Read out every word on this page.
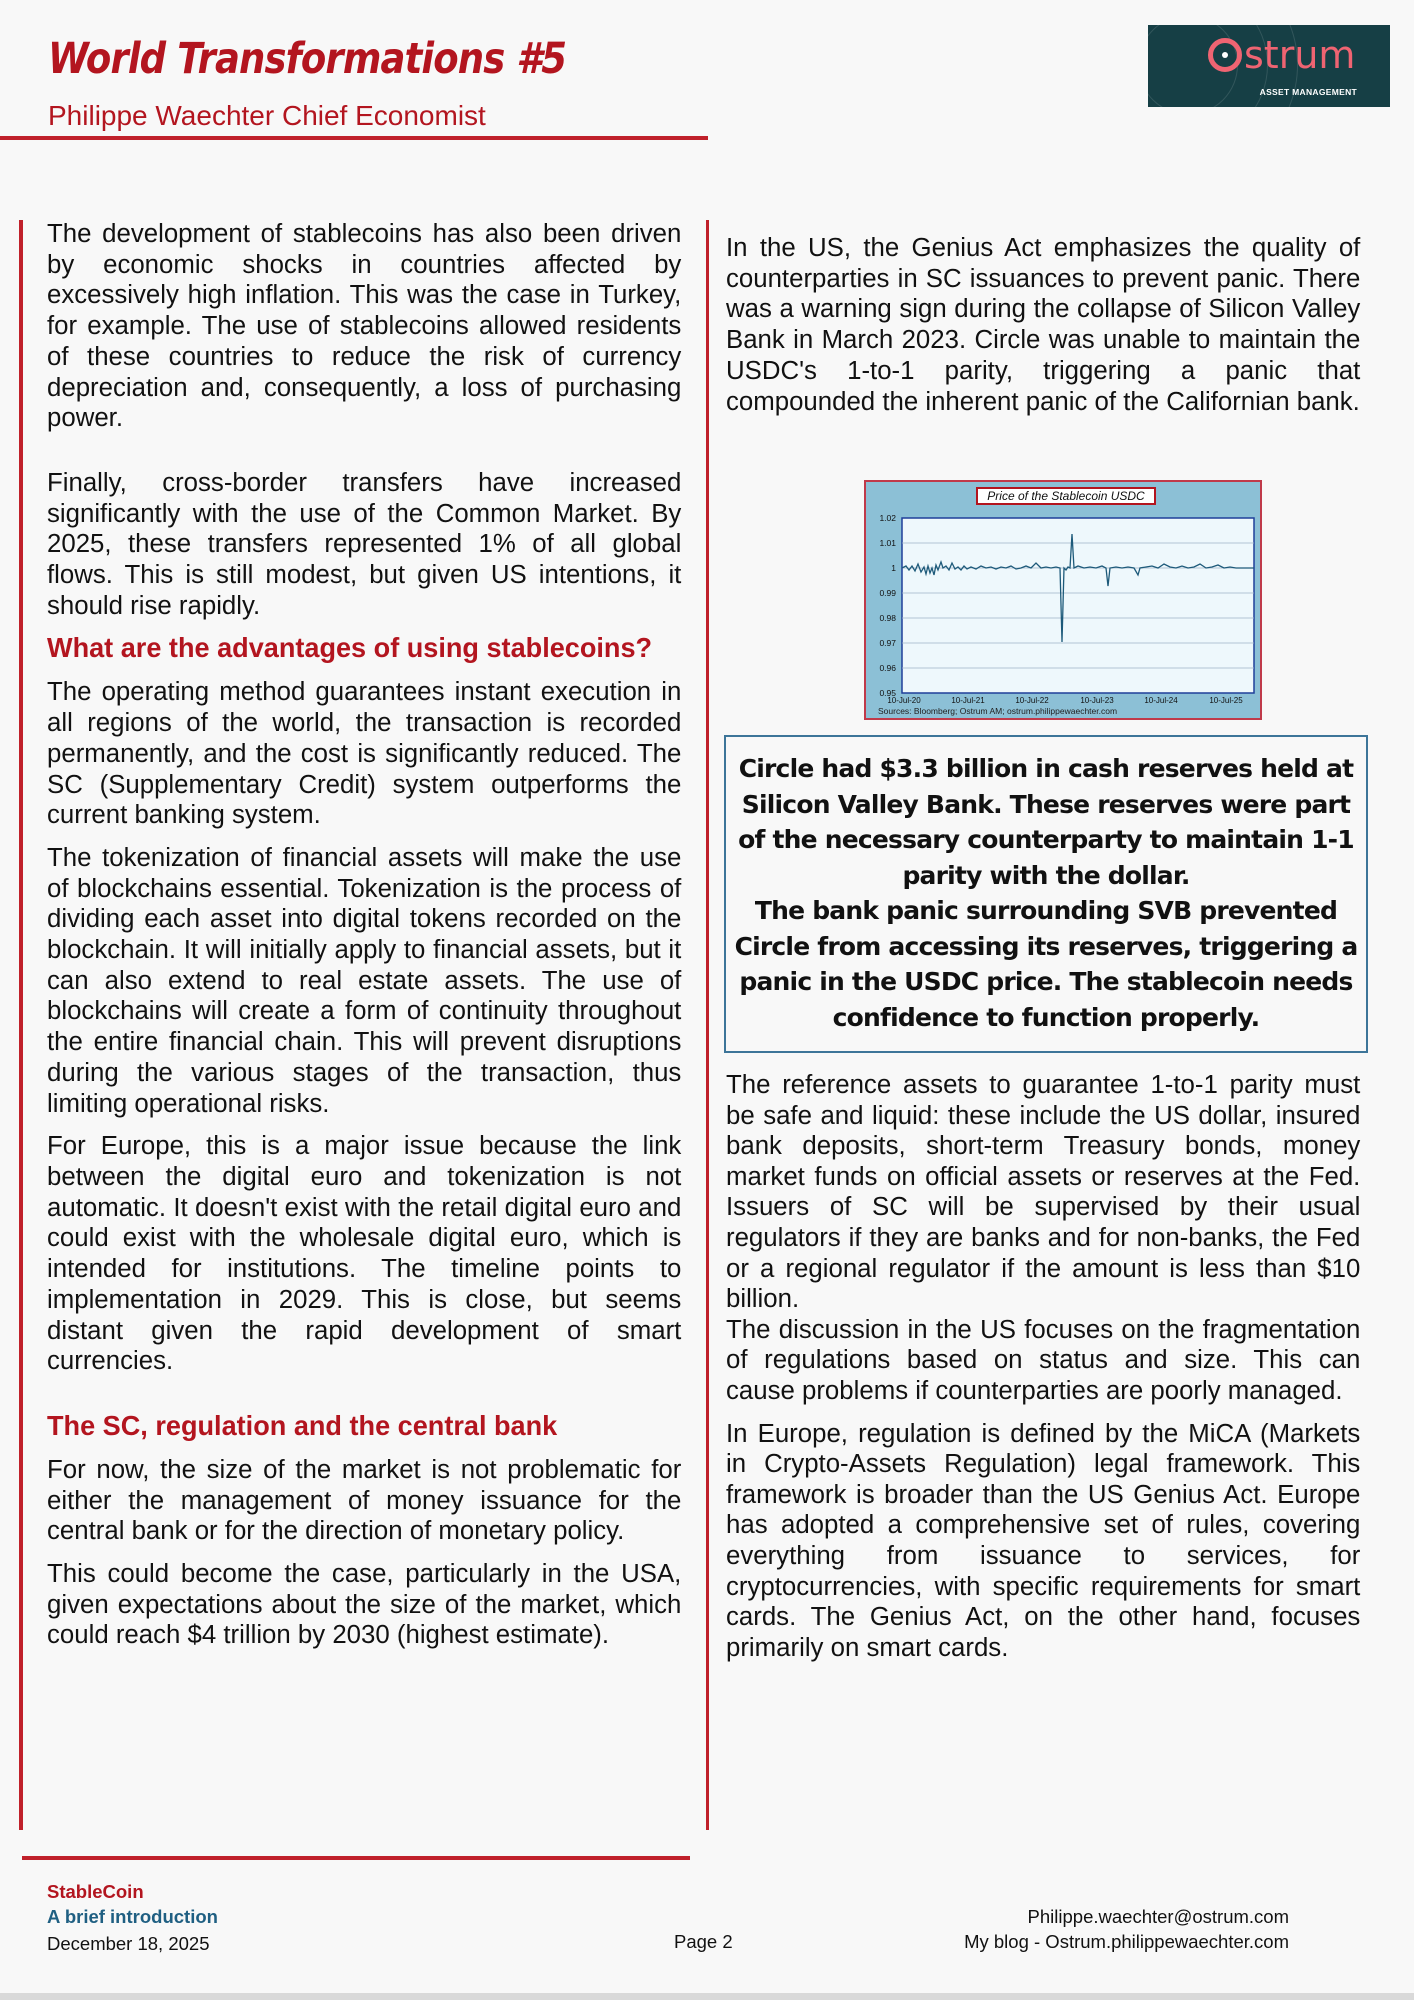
World Transformations #5
Philippe Waechter Chief Economist
strum
ASSET MANAGEMENT

The development of stablecoins has also been driven by economic shocks in countries affected by excessively high inflation. This was the case in Turkey, for example. The use of stablecoins allowed residents of these countries to reduce the risk of currency depreciation and, consequently, a loss of purchasing power.

Finally, cross-border transfers have increased significantly with the use of the Common Market. By 2025, these transfers represented 1% of all global flows. This is still modest, but given US intentions, it should rise rapidly.

What are the advantages of using stablecoins?

The operating method guarantees instant execution in all regions of the world, the transaction is recorded permanently, and the cost is significantly reduced. The SC (Supplementary Credit) system outperforms the current banking system.

The tokenization of financial assets will make the use of blockchains essential. Tokenization is the process of dividing each asset into digital tokens recorded on the blockchain. It will initially apply to financial assets, but it can also extend to real estate assets. The use of blockchains will create a form of continuity throughout the entire financial chain. This will prevent disruptions during the various stages of the transaction, thus limiting operational risks.

For Europe, this is a major issue because the link between the digital euro and tokenization is not automatic. It doesn't exist with the retail digital euro and could exist with the wholesale digital euro, which is intended for institutions. The timeline points to implementation in 2029. This is close, but seems distant given the rapid development of smart currencies.

The SC, regulation and the central bank

For now, the size of the market is not problematic for either the management of money issuance for the central bank or for the direction of monetary policy.

This could become the case, particularly in the USA, given expectations about the size of the market, which could reach $4 trillion by 2030 (highest estimate).

In the US, the Genius Act emphasizes the quality of counterparties in SC issuances to prevent panic. There was a warning sign during the collapse of Silicon Valley Bank in March 2023. Circle was unable to maintain the USDC's 1-to-1 parity, triggering a panic that compounded the inherent panic of the Californian bank.

1.02
1.01
1
0.99
0.98
0.97
0.96
0.95
10-Jul-20	10-Jul-21	10-Jul-22	10-Jul-23	10-Jul-24	10-Jul-25
Price of the Stablecoin USDC
Sources: Bloomberg; Ostrum AM; ostrum.philippewaechter.com
Circle had $3.3 billion in cash reserves held at Silicon Valley Bank. These reserves were part of the necessary counterparty to maintain 1-1 parity with the dollar.
The bank panic surrounding SVB prevented Circle from accessing its reserves, triggering a panic in the USDC price. The stablecoin needs confidence to function properly.

The reference assets to guarantee 1-to-1 parity must be safe and liquid: these include the US dollar, insured bank deposits, short-term Treasury bonds, money market funds on official assets or reserves at the Fed. Issuers of SC will be supervised by their usual regulators if they are banks and for non-banks, the Fed or a regional regulator if the amount is less than $10 billion.

The discussion in the US focuses on the fragmentation of regulations based on status and size. This can cause problems if counterparties are poorly managed.

In Europe, regulation is defined by the MiCA (Markets in Crypto-Assets Regulation) legal framework. This framework is broader than the US Genius Act. Europe has adopted a comprehensive set of rules, covering everything from issuance to services, for cryptocurrencies, with specific requirements for smart cards. The Genius Act, on the other hand, focuses primarily on smart cards.

StableCoin
A brief introduction
December 18, 2025	Page 2
Philippe.waechter@ostrum.com
My blog - Ostrum.philippewaechter.com
